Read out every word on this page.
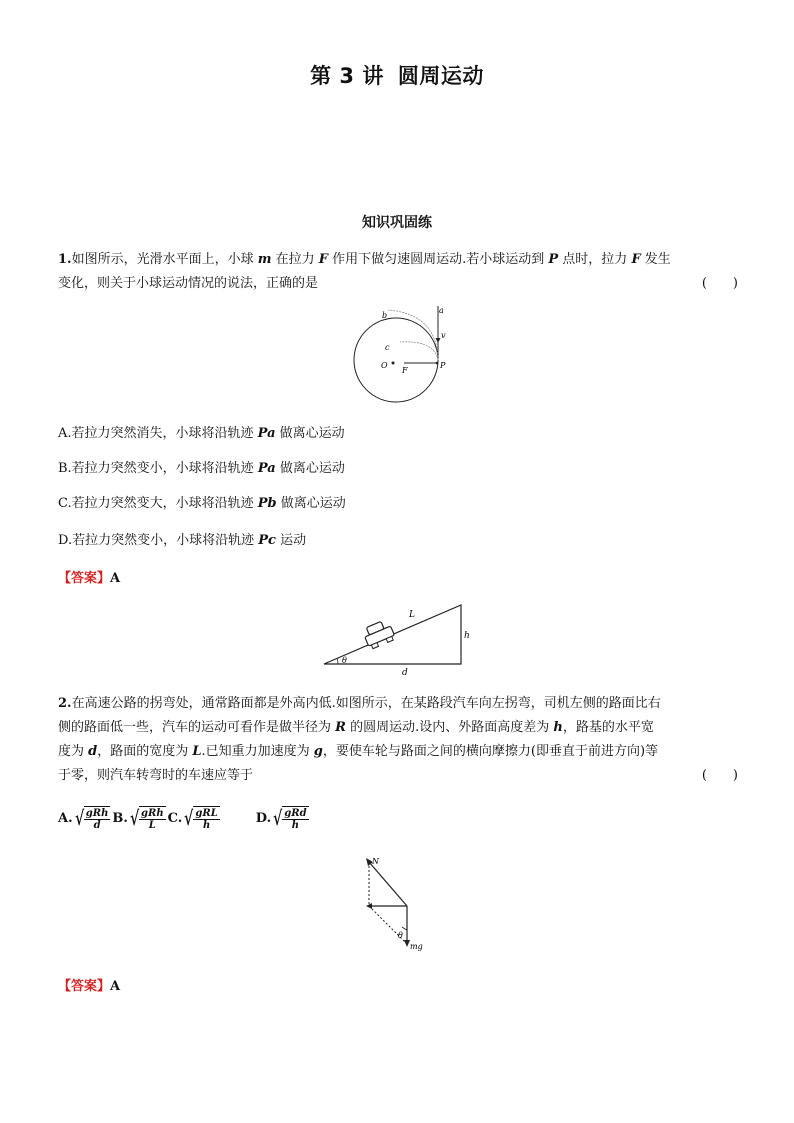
第 3 讲 圆周运动
知识巩固练
1.如图所示，光滑水平面上，小球 m 在拉力 F 作用下做匀速圆周运动.若小球运动到 P 点时，拉力 F 发生
变化，则关于小球运动情况的说法，正确的是	(　　)
a
b
v
c
O
F
P
A.若拉力突然消失，小球将沿轨迹 Pa 做离心运动
B.若拉力突然变小，小球将沿轨迹 Pa 做离心运动
C.若拉力突然变大，小球将沿轨迹 Pb 做离心运动
D.若拉力突然变小，小球将沿轨迹 Pc 运动
【答案】A
L
h
θ
d
2.在高速公路的拐弯处，通常路面都是外高内低.如图所示，在某路段汽车向左拐弯，司机左侧的路面比右
侧的路面低一些，汽车的运动可看作是做半径为 R 的圆周运动.设内、外路面高度差为 h，路基的水平宽
度为 d，路面的宽度为 L.已知重力加速度为 g，要使车轮与路面之间的横向摩擦力(即垂直于前进方向)等
于零，则汽车转弯时的车速应等于	(　　)
A. √ $\frac{\text{gRh}}{d} B$. √ $\frac{\text{gRh}}{L} C$. √ $\frac{\text{gRL}}{h}$	D. √ $\frac{\text{gRd}}{h}$
N
θ
mg
【答案】A
